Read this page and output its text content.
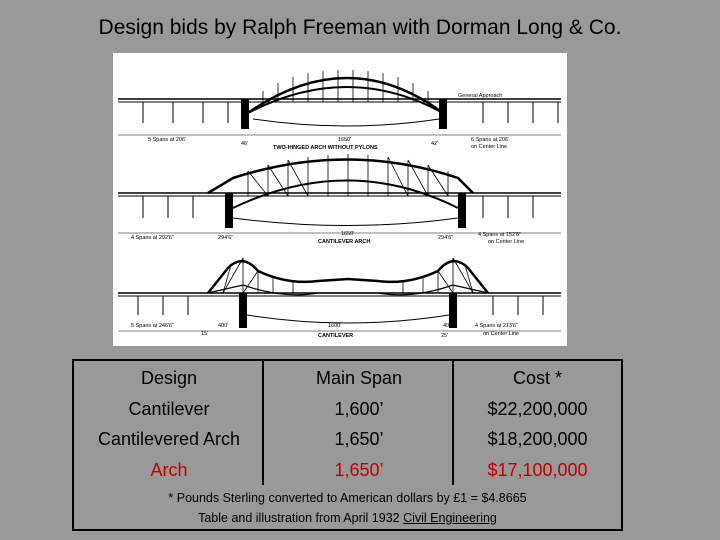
Design bids by Ralph Freeman with Dorman Long & Co.
General Approach
5 Spans at 206'	1650'
TWO-HINGED ARCH WITHOUT PYLONS
6 Spans at 206'
on Center Line
46'	42'
4 Spans at 292'6"	294'6"
1650'
CANTILEVER ARCH
294'6"	4 Spans at 152'6"
on Center Line
5 Spans at 246'6"	400'	1600'
CANTILEVER
400'	4 Spans at 213'6"
on Center Line
15'	25'
Design	Main Span	Cost *
Cantilever	1,600’	$22,200,000
Cantilevered Arch	1,650’	$18,200,000
Arch	1,650’	$17,100,000
* Pounds Sterling converted to American dollars by £1 = $4.8665
Table and illustration from April 1932 Civil Engineering
